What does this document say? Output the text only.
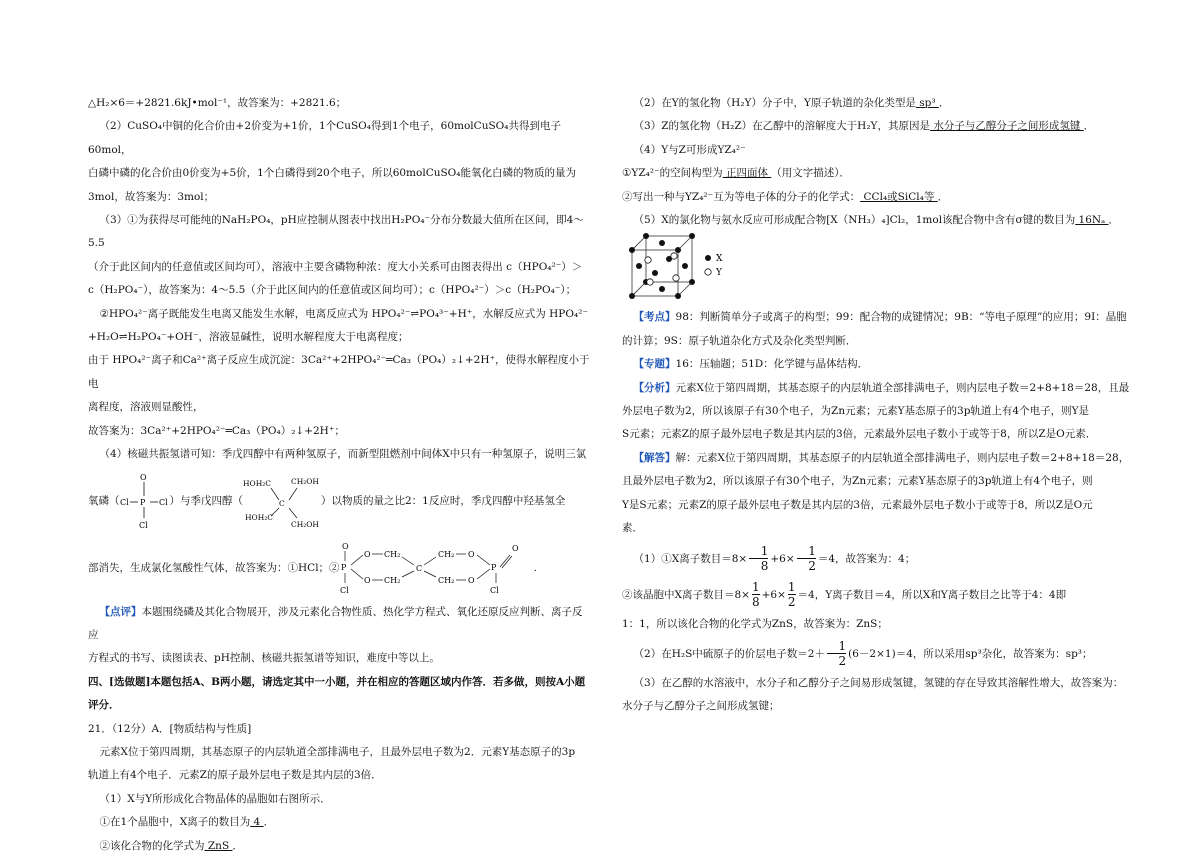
△H₂×6＝+2821.6kJ•mol⁻¹，故答案为：+2821.6；

（2）CuSO₄中铜的化合价由+2价变为+1价，1个CuSO₄得到1个电子，60molCuSO₄共得到电子60mol，

白磷中磷的化合价由0价变为+5价，1个白磷得到20个电子，所以60molCuSO₄能氧化白磷的物质的量为

3mol，故答案为：3mol；

（3）①为获得尽可能纯的NaH₂PO₄，pH应控制从图表中找出H₂PO₄⁻分布分数最大值所在区间，即4～5.5

（介于此区间内的任意值或区间均可），溶液中主要含磷物种浓：度大小关系可由图表得出 c（HPO₄²⁻）＞

c（H₂PO₄⁻），故答案为：4～5.5（介于此区间内的任意值或区间均可）；c（HPO₄²⁻）＞c（H₂PO₄⁻）；

②HPO₄²⁻离子既能发生电离又能发生水解，电离反应式为 HPO₄²⁻⇌PO₄³⁻+H⁺，水解反应式为 HPO₄²⁻

+H₂O⇌H₂PO₄⁻+OH⁻，溶液显碱性，说明水解程度大于电离程度；

由于 HPO₄²⁻离子和Ca²⁺离子反应生成沉淀：3Ca²⁺+2HPO₄²⁻═Ca₃（PO₄）₂↓+2H⁺，使得水解程度小于电

离程度，溶液则显酸性，

故答案为：3Ca²⁺+2HPO₄²⁻═Ca₃（PO₄）₂↓+2H⁺；

（4）核磁共振氢谱可知：季戊四醇中有两种氢原子，而新型阻燃剂中间体X中只有一种氢原子，说明三氯

氧磷（
O
P
Cl	Cl
Cl
）与季戊四醇（
HOH₂C	CH₂OH
C
HOH₂C
CH₂OH
）以物质的量之比2：1反应时，季戊四醇中羟基氢全
部消失，生成氯化氢酸性气体，故答案为：①HCl；②
O
P
Cl
O
O
CH₂
CH₂
C
CH₂
CH₂
O
O
P
O
Cl
.

【点评】本题围绕磷及其化合物展开，涉及元素化合物性质、热化学方程式、氧化还原反应判断、离子反应

方程式的书写、读图读表、pH控制、核磁共振氢谱等知识，难度中等以上。

四、[选做题]本题包括A、B两小题，请选定其中一小题，并在相应的答题区域内作答．若多做，则按A小题

评分．

21．（12分）A．[物质结构与性质]

元素X位于第四周期，其基态原子的内层轨道全部排满电子，且最外层电子数为2．元素Y基态原子的3p

轨道上有4个电子．元素Z的原子最外层电子数是其内层的3倍．

（1）X与Y所形成化合物晶体的晶胞如右图所示．

①在1个晶胞中，X离子的数目为 4 ．

②该化合物的化学式为 ZnS ．

（2）在Y的氢化物（H₂Y）分子中，Y原子轨道的杂化类型是 sp³ ．

（3）Z的氢化物（H₂Z）在乙醇中的溶解度大于H₂Y，其原因是 水分子与乙醇分子之间形成氢键 ．

（4）Y与Z可形成YZ₄²⁻

①YZ₄²⁻的空间构型为 正四面体 （用文字描述）．

②写出一种与YZ₄²⁻互为等电子体的分子的化学式： CCl₄或SiCl₄等 ．

（5）X的氯化物与氨水反应可形成配合物[X（NH₃）₄]Cl₂，1mol该配合物中含有σ键的数目为 16Nₐ ．

X
Y

【考点】98：判断简单分子或离子的构型；99：配合物的成键情况；9B：“等电子原理”的应用；9I：晶胞

的计算；9S：原子轨道杂化方式及杂化类型判断．

【专题】16：压轴题；51D：化学键与晶体结构．

【分析】元素X位于第四周期，其基态原子的内层轨道全部排满电子，则内层电子数＝2+8+18＝28，且最

外层电子数为2，所以该原子有30个电子，为Zn元素；元素Y基态原子的3p轨道上有4个电子，则Y是

S元素；元素Z的原子最外层电子数是其内层的3倍，元素最外层电子数小于或等于8，所以Z是O元素．

【解答】解：元素X位于第四周期，其基态原子的内层轨道全部排满电子，则内层电子数＝2+8+18＝28，

且最外层电子数为2，所以该原子有30个电子，为Zn元素；元素Y基态原子的3p轨道上有4个电子，则

Y是S元素；元素Z的原子最外层电子数是其内层的3倍，元素最外层电子数小于或等于8，所以Z是O元

素．

（1）①X离子数目$=8\times \frac{1}{8} +6\times \frac{1}{2} =4$，故答案为：4；

②该晶胞中X离子数目$=8\times \frac{1}{8} +6\times \frac{1}{2} =4$，Y离子数目＝4，所以X和Y离子数目之比等于4：4即

1：1，所以该化合物的化学式为ZnS，故答案为：ZnS；

（2）在H₂S中硫原子的价层电子数$=2+ \frac{1}{2} (6-2\times 1)=4$，所以采用sp³杂化，故答案为：sp³；

（3）在乙醇的水溶液中，水分子和乙醇分子之间易形成氢键，氢键的存在导致其溶解性增大，故答案为：

水分子与乙醇分子之间形成氢键；
